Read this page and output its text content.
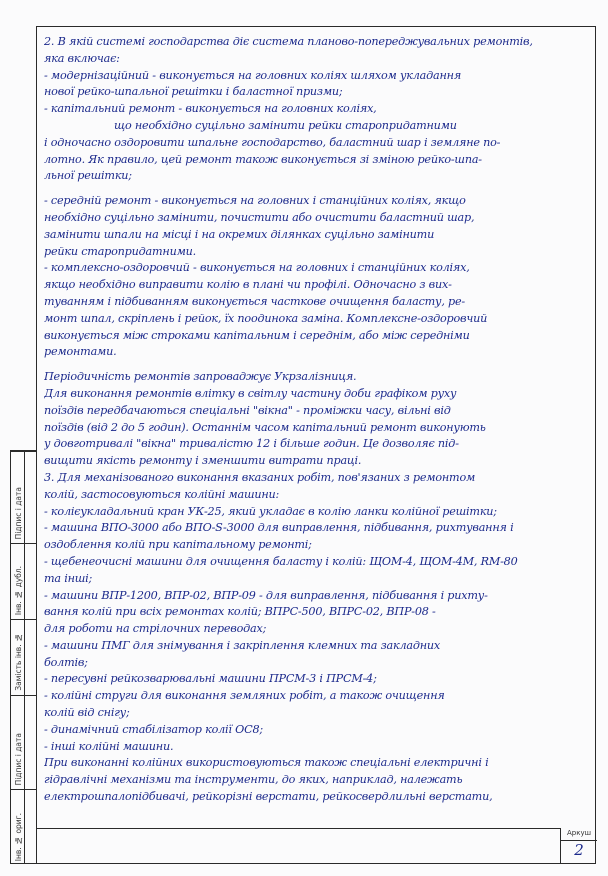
Пiдпис i дата
Iнв. № дубл.
Замiсть iнв. №
Пiдпис i дата
Iнв. № ориг.
2. В якiй системi господарства дiє система планово-попереджувальних ремонтiв,
яка включає:
- модернiзацiйний - виконується на головних колiях шляхом укладання
нової рейко-шпальної решiтки i баластної призми;
- капiтальний ремонт - виконується на головних колiях,
що необхiдно суцiльно замiнити рейки старопридатними
i одночасно оздоровити шпальне господарство, баластний шар i земляне по-
лотно. Як правило, цей ремонт також виконується зі зміною рейко-шпа-
льної решiтки;
- середнiй ремонт - виконується на головних i станцiйних колiях, якщо
необхiдно суцiльно замiнити, почистити або очистити баластний шар,
замiнити шпали на мiсцi i на окремих дiлянках суцiльно замiнити
рейки старопридатними.
- комплексно-оздоровчий - виконується на головних i станцiйних колiях,
якщо необхiдно виправити колiю в планi чи профiлi. Одночасно з вих-
туванням i пiдбиванням виконується часткове очищення баласту, ре-
монт шпал, скрiплень i рейок, їх поодинока замiна. Комплексне-оздоровчий
виконується мiж строками капiтальним i середнiм, або мiж середнiми
ремонтами.
Перiодичнiсть ремонтiв запроваджує Укрзалiзниця.
Для виконання ремонтiв влiтку в свiтлу частину доби графiком руху
поїздiв передбачаються спецiальнi "вiкна" - промiжки часу, вiльнi вiд
поїздiв (вiд 2 до 5 годин). Останнiм часом капiтальний ремонт виконують
у довготривалi "вiкна" тривалiстю 12 i бiльше годин. Це дозволяє пiд-
вищити якiсть ремонту i зменшити витрати працi.
3. Для механiзованого виконання вказаних робiт, пов'язаних з ремонтом
колiй, застосовуються колiйнi машини:
- колiєукладальний кран УК-25, який укладає в колiю ланки колiйної решiтки;
- машина ВПО-3000 або ВПО-S-3000 для виправлення, пiдбивання, рихтування i
оздоблення колiй при капiтальному ремонтi;
- щебенеочиснi машини для очищення баласту i колiй: ЩОМ-4, ЩОМ-4М, RM-80
та iншi;
- машини ВПР-1200, ВПР-02, ВПР-09 - для виправлення, пiдбивання i рихту-
вання колiй при всiх ремонтах колiй; ВПРС-500, ВПРС-02, ВПР-08 -
для роботи на стрiлочних переводах;
- машини ПМГ для знiмування i закрiплення клемних та закладних
болтiв;
- пересувнi рейкозварювальнi машини ПРСМ-3 i ПРСМ-4;
- колiйнi струги для виконання земляних робiт, а також очищення
колiй вiд снiгу;
- динамiчний стабiлiзатор колiї ОС8;
- iншi колiйнi машини.
При виконаннi колiйних використовуються також спецiальнi електричнi i
гiдравлiчнi механiзми та iнструменти, до яких, наприклад, належать
електрошпалопiдбивачi, рейкорiзнi верстати, рейкосвердлильнi верстати,
Аркуш
2
